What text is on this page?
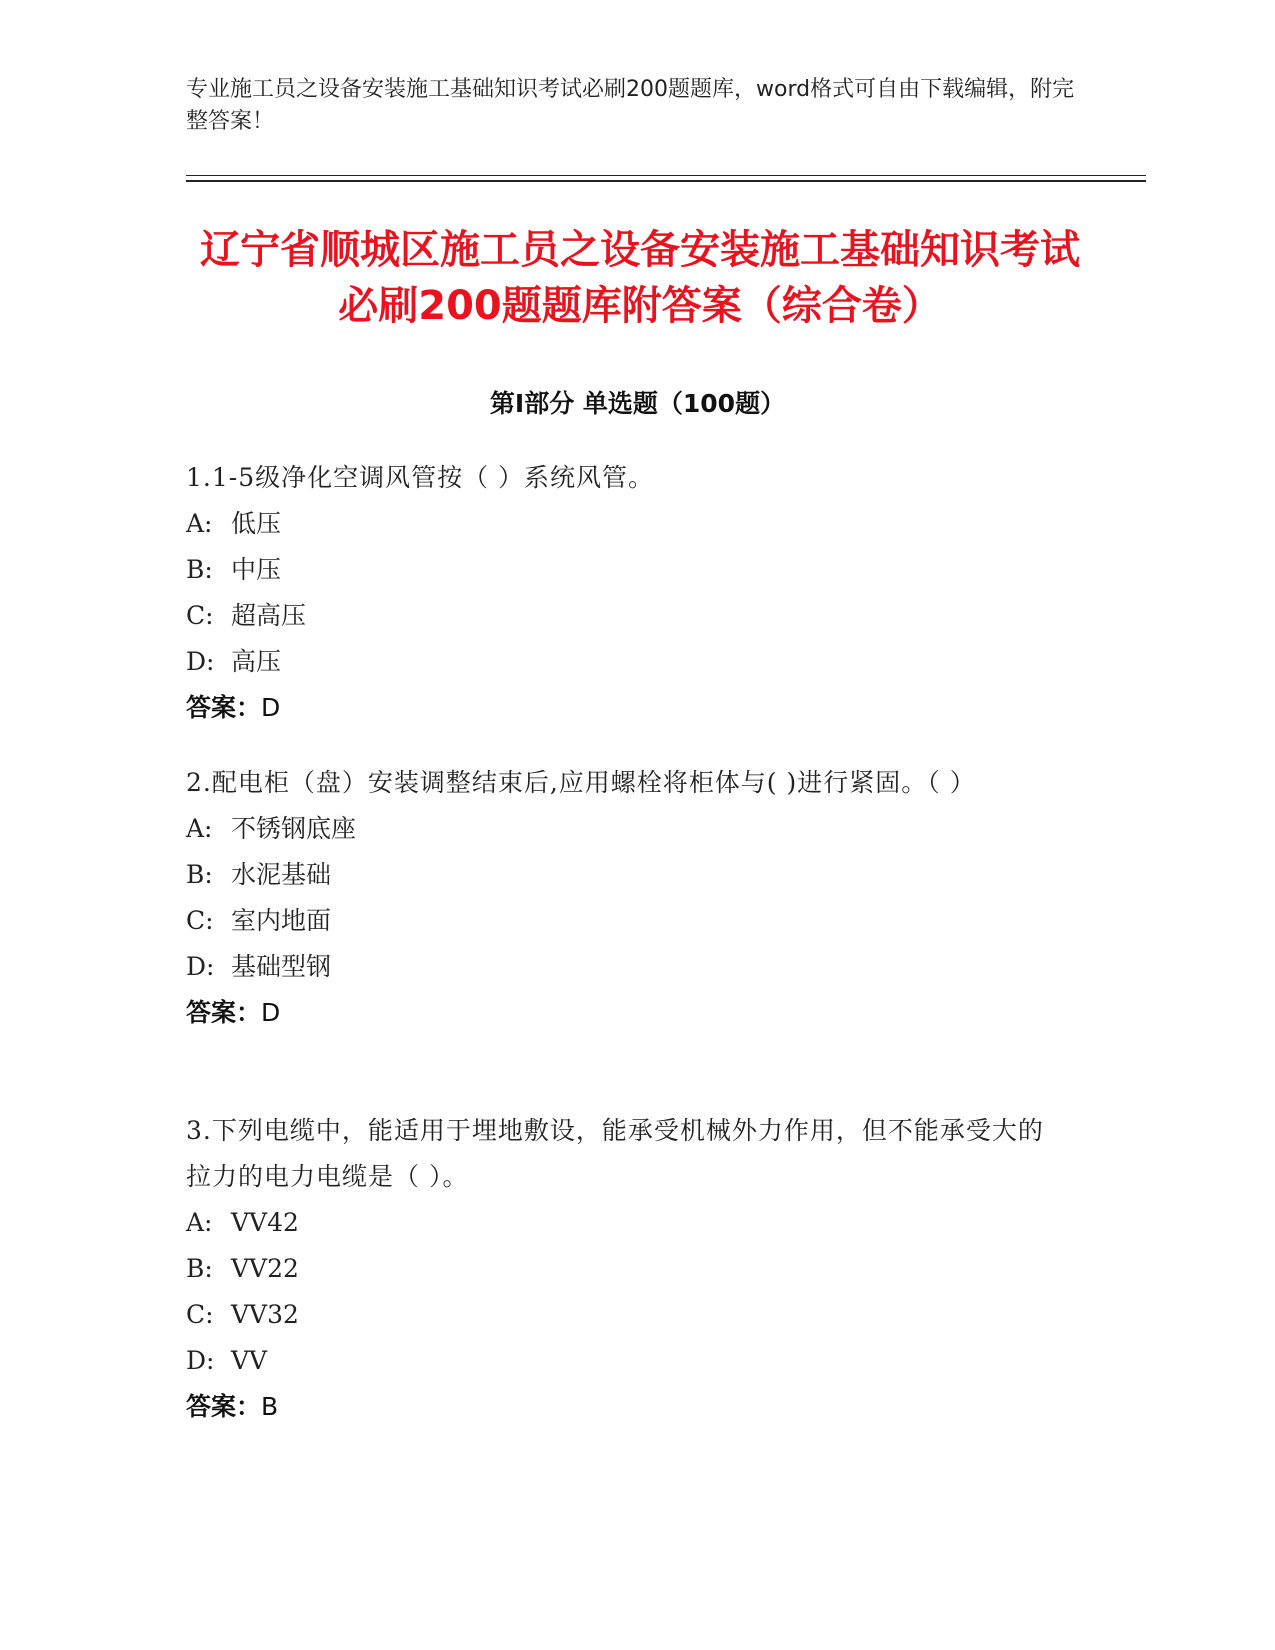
专业施工员之设备安装施工基础知识考试必刷200题题库，word格式可自由下载编辑，附完整答案！
辽宁省顺城区施工员之设备安装施工基础知识考试必刷200题题库附答案（综合卷）
第Ⅰ部分 单选题（100题）

1.1-5级净化空调风管按（ ）系统风管。

A: 低压
B: 中压
C: 超高压
D: 高压
答案：D

2.配电柜（盘）安装调整结束后,应用螺栓将柜体与( )进行紧固。（ ）

A: 不锈钢底座
B: 水泥基础
C: 室内地面
D: 基础型钢
答案：D

3.下列电缆中，能适用于埋地敷设，能承受机械外力作用，但不能承受大的拉力的电力电缆是（ ）。

A: VV42
B: VV22
C: VV32
D: VV
答案：B
